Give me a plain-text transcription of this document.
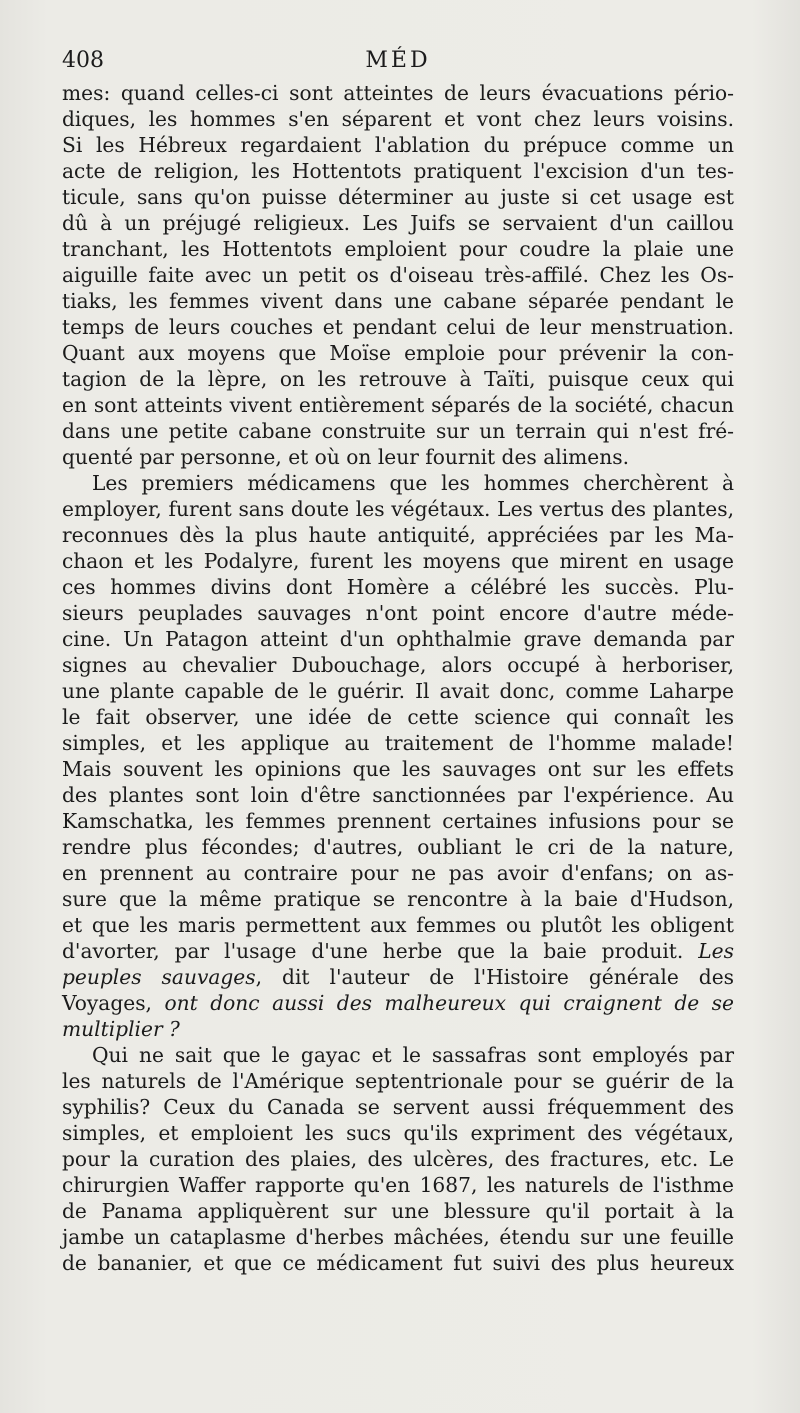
408	MÉD
mes: quand celles-ci sont atteintes de leurs évacuations pério-
diques, les hommes s'en séparent et vont chez leurs voisins.
Si les Hébreux regardaient l'ablation du prépuce comme un
acte de religion, les Hottentots pratiquent l'excision d'un tes-
ticule, sans qu'on puisse déterminer au juste si cet usage est
dû à un préjugé religieux. Les Juifs se servaient d'un caillou
tranchant, les Hottentots emploient pour coudre la plaie une
aiguille faite avec un petit os d'oiseau très-affilé. Chez les Os-
tiaks, les femmes vivent dans une cabane séparée pendant le
temps de leurs couches et pendant celui de leur menstruation.
Quant aux moyens que Moïse emploie pour prévenir la con-
tagion de la lèpre, on les retrouve à Taïti, puisque ceux qui
en sont atteints vivent entièrement séparés de la société, chacun
dans une petite cabane construite sur un terrain qui n'est fré-
quenté par personne, et où on leur fournit des alimens.
Les premiers médicamens que les hommes cherchèrent à
employer, furent sans doute les végétaux. Les vertus des plantes,
reconnues dès la plus haute antiquité, appréciées par les Ma-
chaon et les Podalyre, furent les moyens que mirent en usage
ces hommes divins dont Homère a célébré les succès. Plu-
sieurs peuplades sauvages n'ont point encore d'autre méde-
cine. Un Patagon atteint d'un ophthalmie grave demanda par
signes au chevalier Dubouchage, alors occupé à herboriser,
une plante capable de le guérir. Il avait donc, comme Laharpe
le fait observer, une idée de cette science qui connaît les
simples, et les applique au traitement de l'homme malade!
Mais souvent les opinions que les sauvages ont sur les effets
des plantes sont loin d'être sanctionnées par l'expérience. Au
Kamschatka, les femmes prennent certaines infusions pour se
rendre plus fécondes; d'autres, oubliant le cri de la nature,
en prennent au contraire pour ne pas avoir d'enfans; on as-
sure que la même pratique se rencontre à la baie d'Hudson,
et que les maris permettent aux femmes ou plutôt les obligent
d'avorter, par l'usage d'une herbe que la baie produit. Les
peuples sauvages, dit l'auteur de l'Histoire générale des
Voyages, ont donc aussi des malheureux qui craignent de se
multiplier ?
Qui ne sait que le gayac et le sassafras sont employés par
les naturels de l'Amérique septentrionale pour se guérir de la
syphilis? Ceux du Canada se servent aussi fréquemment des
simples, et emploient les sucs qu'ils expriment des végétaux,
pour la curation des plaies, des ulcères, des fractures, etc. Le
chirurgien Waffer rapporte qu'en 1687, les naturels de l'isthme
de Panama appliquèrent sur une blessure qu'il portait à la
jambe un cataplasme d'herbes mâchées, étendu sur une feuille
de bananier, et que ce médicament fut suivi des plus heureux
